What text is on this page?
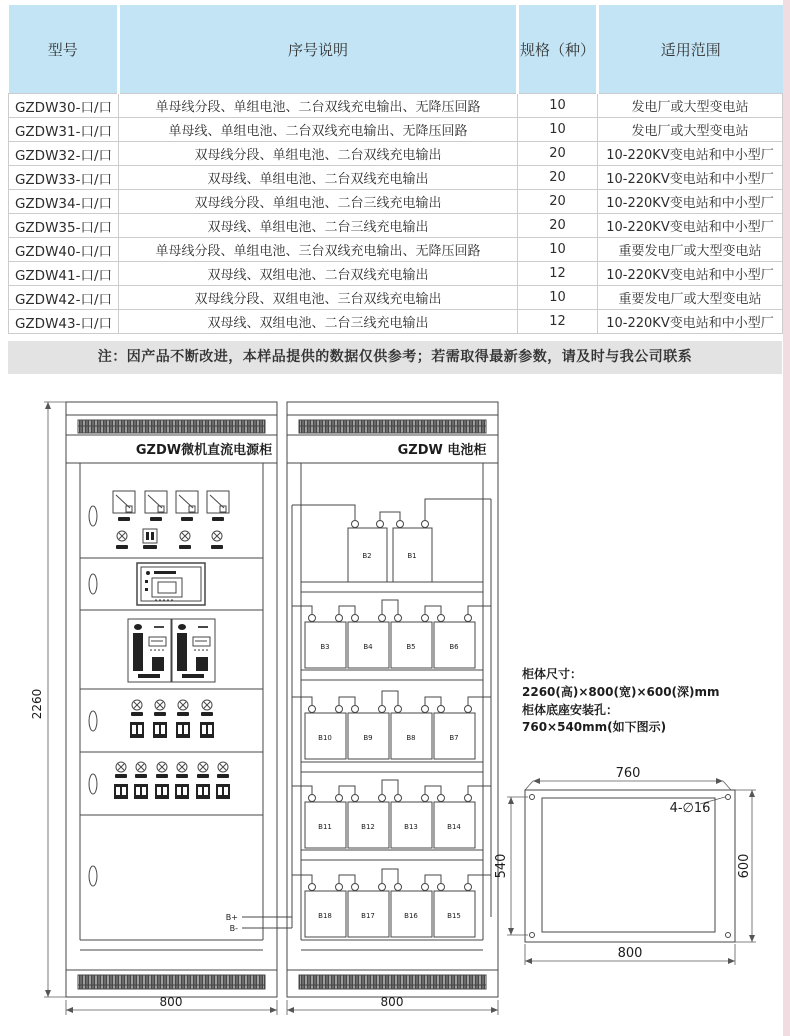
型号	序号说明	规格（种）	适用范围
GZDW30-口/口	单母线分段、单组电池、二台双线充电输出、无降压回路	10	发电厂或大型变电站
GZDW31-口/口	单母线、单组电池、二台双线充电输出、无降压回路	10	发电厂或大型变电站
GZDW32-口/口	双母线分段、单组电池、二台双线充电输出	20	10-220KV变电站和中小型厂
GZDW33-口/口	双母线、单组电池、二台双线充电输出	20	10-220KV变电站和中小型厂
GZDW34-口/口	双母线分段、单组电池、二台三线充电输出	20	10-220KV变电站和中小型厂
GZDW35-口/口	双母线、单组电池、二台三线充电输出	20	10-220KV变电站和中小型厂
GZDW40-口/口	单母线分段、单组电池、三台双线充电输出、无降压回路	10	重要发电厂或大型变电站
GZDW41-口/口	双母线、双组电池、二台双线充电输出	12	10-220KV变电站和中小型厂
GZDW42-口/口	双母线分段、双组电池、三台双线充电输出	10	重要发电厂或大型变电站
GZDW43-口/口	双母线、双组电池、二台三线充电输出	12	10-220KV变电站和中小型厂
注：因产品不断改进，本样品提供的数据仅供参考；若需取得最新参数，请及时与我公司联系
GZDW微机直流电源柜
B+
B-
2260
800
GZDW 电池柜
B2	B1
B3	B4	B5	B6
B10	B9	B8	B7
B11	B12	B13	B14
B18	B17	B16	B15
800
柜体尺寸：
2260(高)×800(宽)×600(深)mm
柜体底座安装孔：
760×540mm(如下图示)
4-∅16
760
540	600
800
